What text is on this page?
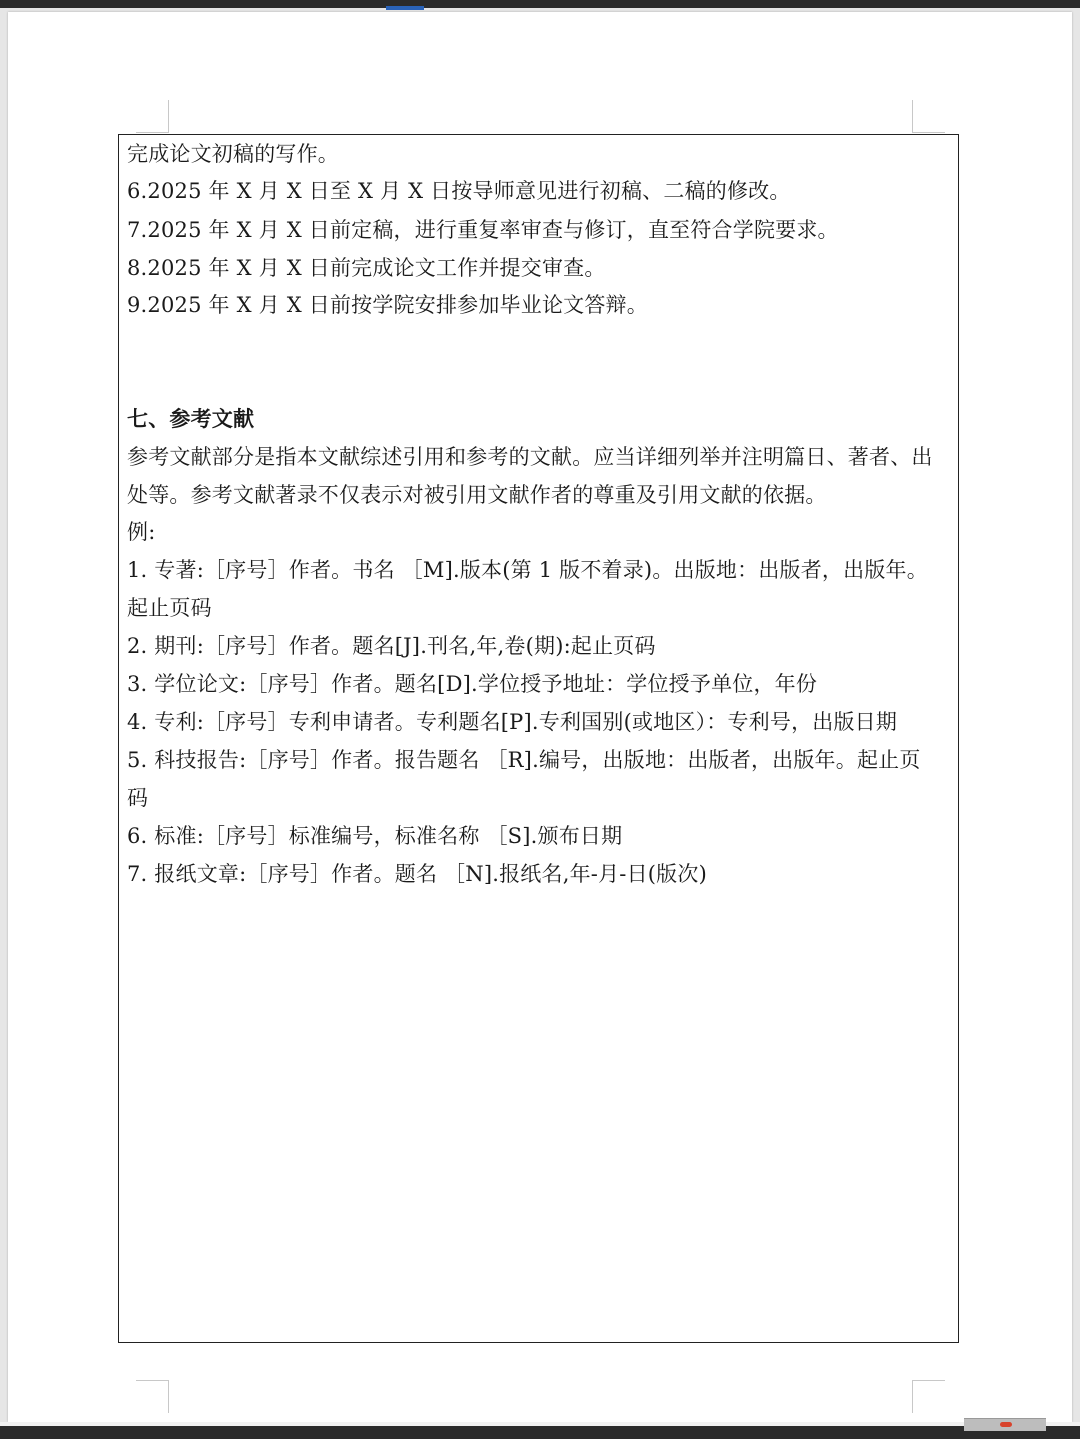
完成论文初稿的写作。
6.2025 年 X 月 X 日至 X 月 X 日按导师意见进行初稿、二稿的修改。
7.2025 年 X 月 X 日前定稿，进行重复率审查与修订，直至符合学院要求。
8.2025 年 X 月 X 日前完成论文工作并提交审查。
9.2025 年 X 月 X 日前按学院安排参加毕业论文答辩。
七、参考文献
参考文献部分是指本文献综述引用和参考的文献。应当详细列举并注明篇日、著者、出
处等。参考文献著录不仅表示对被引用文献作者的尊重及引用文献的依据。
例:
1. 专著:［序号］作者。书名 ［M].版本(第 1 版不着录)。出版地：出版者，出版年。
起止页码
2. 期刊:［序号］作者。题名[J].刊名,年,卷(期):起止页码
3. 学位论文:［序号］作者。题名[D].学位授予地址：学位授予单位，年份
4. 专利:［序号］专利申请者。专利题名[P].专利国别(或地区）：专利号，出版日期
5. 科技报告:［序号］作者。报告题名 ［R].编号，出版地：出版者，出版年。起止页
码
6. 标准:［序号］标准编号，标准名称 ［S].颁布日期
7. 报纸文章:［序号］作者。题名 ［N].报纸名,年-月-日(版次)
